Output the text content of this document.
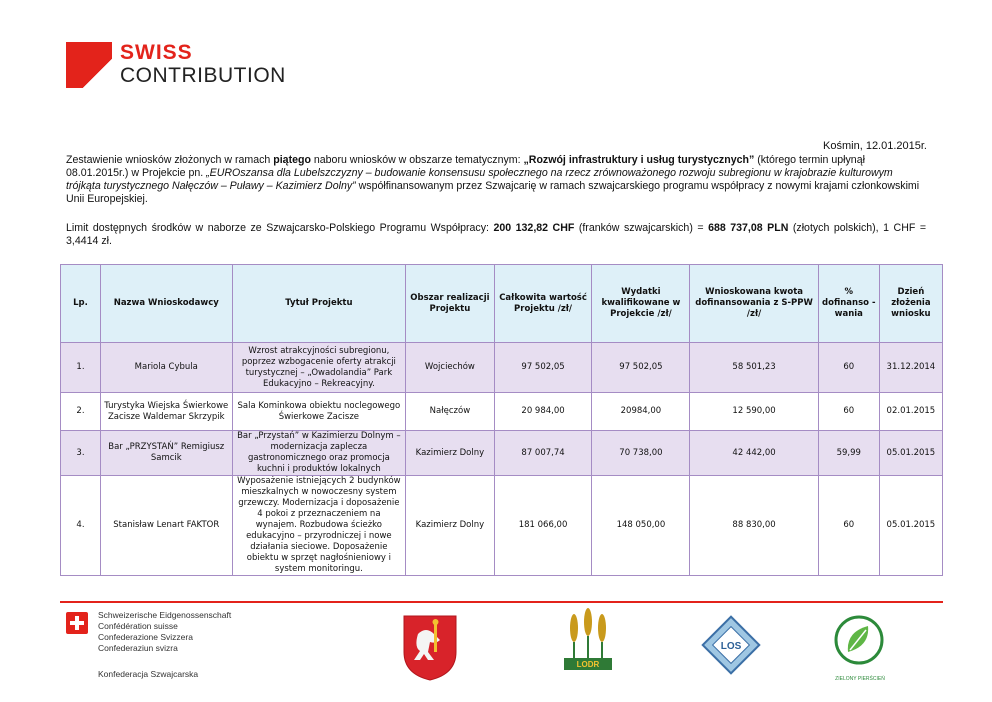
SWISS
CONTRIBUTION
Kośmin, 12.01.2015r.

Zestawienie wniosków złożonych w ramach piątego naboru wniosków w obszarze tematycznym: „Rozwój infrastruktury i usług turystycznych” (którego termin upłynął 08.01.2015r.) w Projekcie pn. „EUROszansa dla Lubelszczyzny – budowanie konsensusu społecznego na rzecz zrównoważonego rozwoju subregionu w krajobrazie kulturowym trójkąta turystycznego Nałęczów – Puławy – Kazimierz Dolny” współfinansowanym przez Szwajcarię w ramach szwajcarskiego programu współpracy z nowymi krajami członkowskimi Unii Europejskiej.

Limit dostępnych środków w naborze ze Szwajcarsko-Polskiego Programu Współpracy: 200 132,82 CHF (franków szwajcarskich) = 688 737,08 PLN (złotych polskich), 1 CHF = 3,4414 zł.
Lp.	Nazwa Wnioskodawcy	Tytuł Projektu	Obszar realizacji Projektu	Całkowita wartość Projektu /zł/	Wydatki kwalifikowane w Projekcie /zł/	Wnioskowana kwota dofinansowania z S-PPW /zł/	% dofinanso -wania	Dzień złożenia wniosku
1.	Mariola Cybula	Wzrost atrakcyjności subregionu, poprzez wzbogacenie oferty atrakcji turystycznej – „Owadolandia” Park Edukacyjno – Rekreacyjny.	Wojciechów	97 502,05	97 502,05	58 501,23	60	31.12.2014
2.	Turystyka Wiejska Świerkowe Zacisze Waldemar Skrzypik	Sala Kominkowa obiektu noclegowego Świerkowe Zacisze	Nałęczów	20 984,00	20984,00	12 590,00	60	02.01.2015
3.	Bar „PRZYSTAŃ” Remigiusz Samcik	Bar „Przystań” w Kazimierzu Dolnym – modernizacja zaplecza gastronomicznego oraz promocja kuchni i produktów lokalnych	Kazimierz Dolny	87 007,74	70 738,00	42 442,00	59,99	05.01.2015
4.	Stanisław Lenart FAKTOR	Wyposażenie istniejących 2 budynków mieszkalnych w nowoczesny system grzewczy. Modernizacja i doposażenie 4 pokoi z przeznaczeniem na wynajem. Rozbudowa ścieżko edukacyjno – przyrodniczej i nowe działania sieciowe. Doposażenie obiektu w sprzęt nagłośnieniowy i system monitoringu.	Kazimierz Dolny	181 066,00	148 050,00	88 830,00	60	05.01.2015
Schweizerische Eidgenossenschaft
Confédération suisse
Confederazione Svizzera
Confederaziun svizra
Konfederacja Szwajcarska
LODR
LOS
ZIELONY PIERŚCIEŃ
